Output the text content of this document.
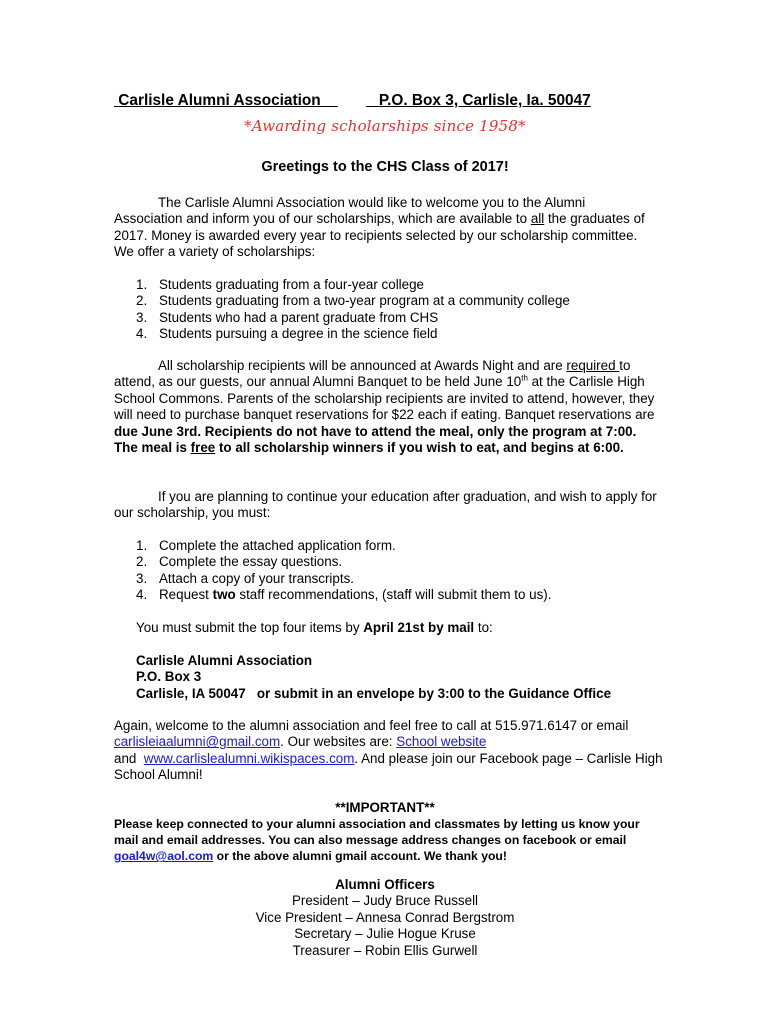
Carlisle Alumni Association	P.O. Box 3, Carlisle, Ia. 50047
*Awarding scholarships since 1958*
Greetings to the CHS Class of 2017!

The Carlisle Alumni Association would like to welcome you to the Alumni Association and inform you of our scholarships, which are available to all the graduates of 2017. Money is awarded every year to recipients selected by our scholarship committee. We offer a variety of scholarships:

1. Students graduating from a four-year college
2. Students graduating from a two-year program at a community college
3. Students who had a parent graduate from CHS
4. Students pursuing a degree in the science field

All scholarship recipients will be announced at Awards Night and are required to attend, as our guests, our annual Alumni Banquet to be held June 10th at the Carlisle High School Commons. Parents of the scholarship recipients are invited to attend, however, they will need to purchase banquet reservations for $22 each if eating. Banquet reservations are due June 3rd. Recipients do not have to attend the meal, only the program at 7:00. The meal is free to all scholarship winners if you wish to eat, and begins at 6:00.

If you are planning to continue your education after graduation, and wish to apply for our scholarship, you must:

1. Complete the attached application form.
2. Complete the essay questions.
3. Attach a copy of your transcripts.
4. Request two staff recommendations, (staff will submit them to us).

You must submit the top four items by April 21st by mail to:

Carlisle Alumni Association
P.O. Box 3
Carlisle, IA 50047   or submit in an envelope by 3:00 to the Guidance Office
Again, welcome to the alumni association and feel free to call at 515.971.6147 or email carlisleiaalumni@gmail.com. Our websites are: School website
and  www.carlislealumni.wikispaces.com. And please join our Facebook page – Carlisle High School Alumni!
**IMPORTANT**

Please keep connected to your alumni association and classmates by letting us know your mail and email addresses. You can also message address changes on facebook or email goal4w@aol.com or the above alumni gmail account. We thank you!

Alumni Officers
President – Judy Bruce Russell
Vice President – Annesa Conrad Bergstrom
Secretary – Julie Hogue Kruse
Treasurer – Robin Ellis Gurwell
